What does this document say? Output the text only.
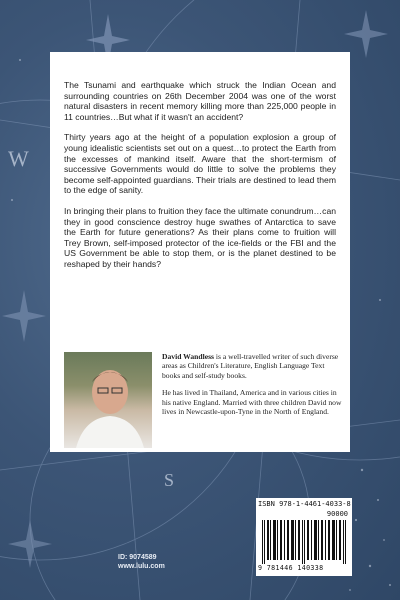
W
S

The Tsunami and earthquake which struck the Indian Ocean and surrounding countries on 26th December 2004 was one of the worst natural disasters in recent memory killing more than 225,000 people in 11 countries…But what if it wasn't an accident?

Thirty years ago at the height of a population explosion a group of young idealistic scientists set out on a quest…to protect the Earth from the excesses of mankind itself. Aware that the short-termism of successive Governments would do little to solve the problems they become self-appointed guardians. Their trials are destined to lead them to the edge of sanity.

In bringing their plans to fruition they face the ultimate conundrum…can they in good conscience destroy huge swathes of Antarctica to save the Earth for future generations? As their plans come to fruition will Trey Brown, self-imposed protector of the ice-fields or the FBI and the US Government be able to stop them, or is the planet destined to be reshaped by their hands?

David Wandless is a well-travelled writer of such diverse areas as Children's Literature, English Language Text books and self-study books.

He has lived in Thailand, America and in various cities in his native England. Married with three children David now lives in Newcastle-upon-Tyne in the North of England.

ISBN 978-1-4461-4033-8
90000
9 781446 140338
ID: 9074589
www.lulu.com
